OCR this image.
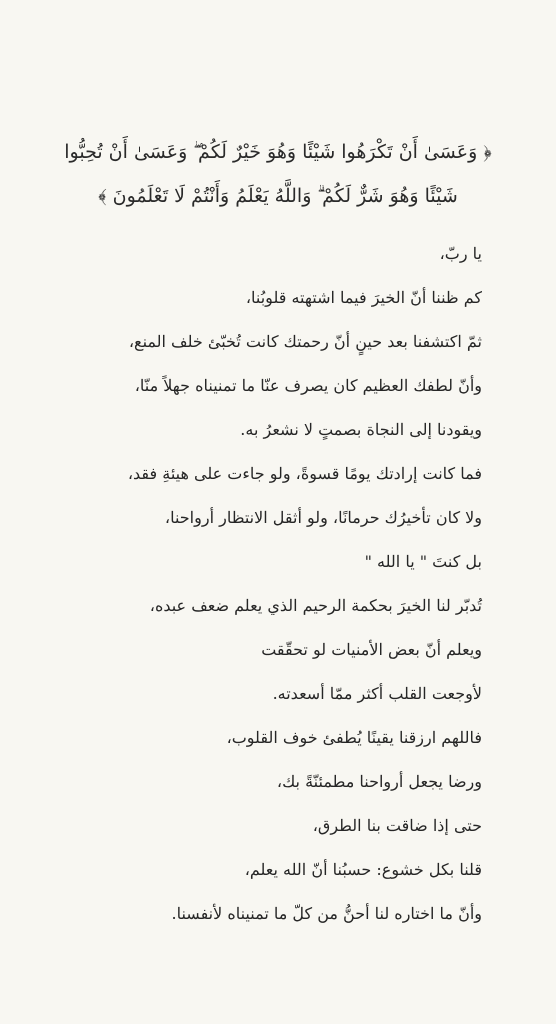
﴿ وَعَسَىٰ أَنْ تَكْرَهُوا شَيْئًا وَهُوَ خَيْرٌ لَكُمْ ۖ وَعَسَىٰ أَنْ تُحِبُّوا
شَيْئًا وَهُوَ شَرٌّ لَكُمْ ۗ وَاللَّهُ يَعْلَمُ وَأَنْتُمْ لَا تَعْلَمُونَ ﴾
يا ربّ،
كم ظننا أنّ الخيرَ فيما اشتهته قلوبُنا،
ثمّ اكتشفنا بعد حينٍ أنّ رحمتك كانت تُخبّئ خلف المنع،
وأنّ لطفك العظيم كان يصرف عنّا ما تمنيناه جهلاً منّا،
ويقودنا إلى النجاة بصمتٍ لا نشعرُ به.
فما كانت إرادتك يومًا قسوةً، ولو جاءت على هيئةِ فقد،
ولا كان تأخيرُك حرمانًا، ولو أثقل الانتظار أرواحنا،
بل كنتَ " يا الله "
تُدبّر لنا الخيرَ بحكمة الرحيم الذي يعلم ضعف عبده،
ويعلم أنّ بعض الأمنيات لو تحقّقت
لأوجعت القلب أكثر ممّا أسعدته.
فاللهم ارزقنا يقينًا يُطفئ خوف القلوب،
ورضا يجعل أرواحنا مطمئنّةً بك،
حتى إذا ضاقت بنا الطرق،
قلنا بكل خشوع: حسبُنا أنّ الله يعلم،
وأنّ ما اختاره لنا أحنُّ من كلّ ما تمنيناه لأنفسنا.
